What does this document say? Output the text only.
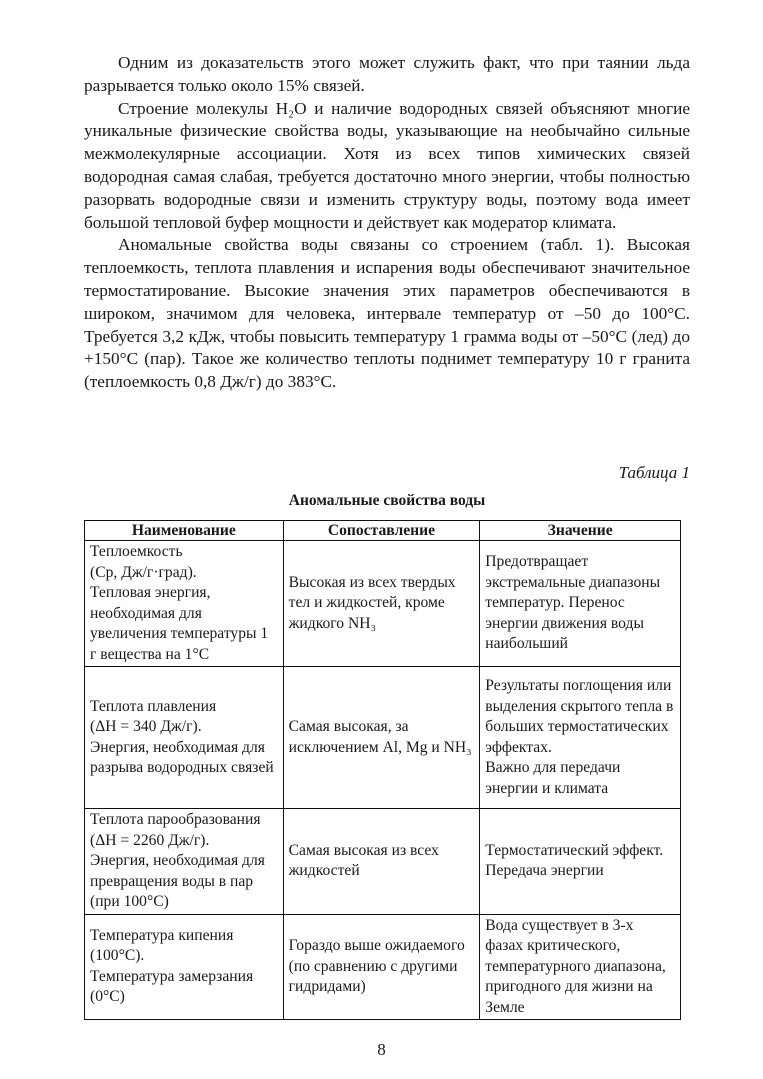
Одним из доказательств этого может служить факт, что при таянии льда разрывается только около 15% связей.

Строение молекулы H₂O и наличие водородных связей объясняют многие уникальные физические свойства воды, указывающие на необычайно сильные межмолекулярные ассоциации. Хотя из всех типов химических связей водородная самая слабая, требуется достаточно много энергии, чтобы полностью разорвать водородные связи и изменить структуру воды, поэтому вода имеет большой тепловой буфер мощности и действует как модератор климата.

Аномальные свойства воды связаны со строением (табл. 1). Высокая теплоемкость, теплота плавления и испарения воды обеспечивают значительное термостатирование. Высокие значения этих параметров обеспечиваются в широком, значимом для человека, интервале температур от –50 до 100°C. Требуется 3,2 кДж, чтобы повысить температуру 1 грамма воды от –50°C (лед) до +150°C (пар). Такое же количество теплоты поднимет температуру 10 г гранита (теплоемкость 0,8 Дж/г) до 383°C.

Таблица 1
Аномальные свойства воды
Наименование	Сопоставление	Значение

Теплоемкость
(Cp, Дж/г·град).
Тепловая энергия, необходимая для увеличения температуры 1 г вещества на 1°C	Высокая из всех твердых тел и жидкостей, кроме жидкого NH₃	Предотвращает экстремальные диапазоны температур. Перенос энергии движения воды наибольший

Теплота плавления
(ΔH = 340 Дж/г).
Энергия, необходимая для разрыва водородных связей	Самая высокая, за исключением Al, Mg и NH₃	Результаты поглощения или выделения скрытого тепла в больших термостатических эффектах.
Важно для передачи энергии и климата

Теплота парообразования (ΔH = 2260 Дж/г).
Энергия, необходимая для превращения воды в пар (при 100°C)	Самая высокая из всех жидкостей	Термостатический эффект.
Передача энергии

Температура кипения (100°C).
Температура замерзания (0°C)	Гораздо выше ожидаемого (по сравнению с другими гидридами)	Вода существует в 3-х фазах критического, температурного диапазона, пригодного для жизни на Земле
8
